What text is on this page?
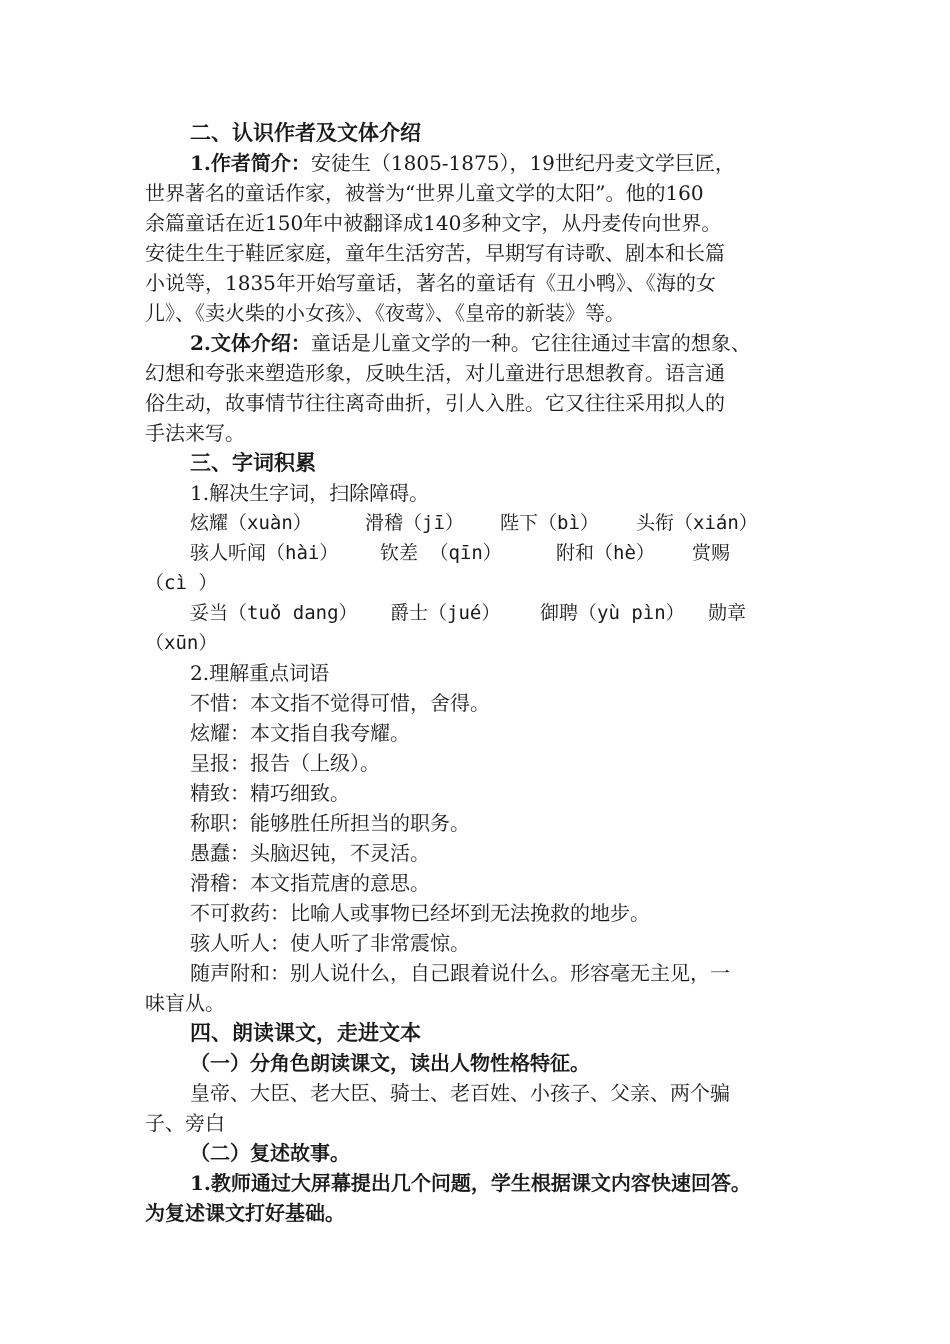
二、认识作者及文体介绍
1.作者简介：安徒生（1805-1875），19世纪丹麦文学巨匠，
世界著名的童话作家，被誉为“世界儿童文学的太阳”。他的160
余篇童话在近150年中被翻译成140多种文字，从丹麦传向世界。
安徒生生于鞋匠家庭，童年生活穷苦，早期写有诗歌、剧本和长篇
小说等，1835年开始写童话，著名的童话有《丑小鸭》、《海的女
儿》、《卖火柴的小女孩》、《夜莺》、《皇帝的新装》等。
2.文体介绍：童话是儿童文学的一种。它往往通过丰富的想象、
幻想和夸张来塑造形象，反映生活，对儿童进行思想教育。语言通
俗生动，故事情节往往离奇曲折，引人入胜。它又往往采用拟人的
手法来写。
三、字词积累
1.解决生字词，扫除障碍。
炫耀（xuàn）	滑稽（jī） 陛下（bì） 头衔（xián）
骇人听闻（hài） 钦差 （qīn）	附和（hè） 赏赐
（cì ）
妥当（tuǒ dang） 爵士（jué） 御聘（yù pìn） 勋章
（xūn）
2.理解重点词语
不惜：本文指不觉得可惜，舍得。
炫耀：本文指自我夸耀。
呈报：报告（上级）。
精致：精巧细致。
称职：能够胜任所担当的职务。
愚蠢：头脑迟钝，不灵活。
滑稽：本文指荒唐的意思。
不可救药：比喻人或事物已经坏到无法挽救的地步。
骇人听人：使人听了非常震惊。
随声附和：别人说什么，自己跟着说什么。形容毫无主见，一
味盲从。
四、朗读课文，走进文本
（一）分角色朗读课文，读出人物性格特征。
皇帝、大臣、老大臣、骑士、老百姓、小孩子、父亲、两个骗
子、旁白
（二）复述故事。
1.教师通过大屏幕提出几个问题，学生根据课文内容快速回答。
为复述课文打好基础。
